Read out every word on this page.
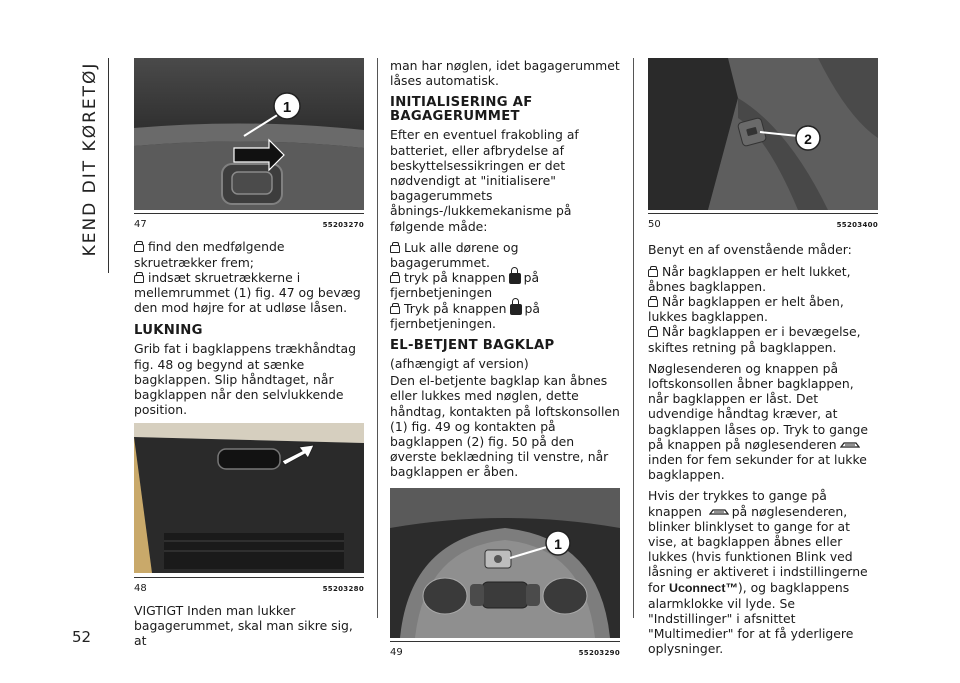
KEND DIT KØRETØJ
52
1
47	55203270
find den medfølgende skruetrækker frem;
indsæt skruetrækkerne i mellemrummet (1) fig. 47 og bevæg den mod højre for at udløse låsen.
LUKNING

Grib fat i bagklappens trækhåndtag fig. 48 og begynd at sænke bagklappen. Slip håndtaget, når bagklappen når den selvlukkende position.

48	55203280

VIGTIGT Inden man lukker bagagerummet, skal man sikre sig, at

man har nøglen, idet bagagerummet låses automatisk.

INITIALISERING AF BAGAGERUMMET

Efter en eventuel frakobling af batteriet, eller afbrydelse af beskyttelsessikringen er det nødvendigt at "initialisere" bagagerummets åbnings-/lukkemekanisme på følgende måde:

Luk alle dørene og bagagerummet.
tryk på knappen på fjernbetjeningen
Tryk på knappen på fjernbetjeningen.
EL-BETJENT BAGKLAP

(afhængigt af version)

Den el-betjente bagklap kan åbnes eller lukkes med nøglen, dette håndtag, kontakten på loftskonsollen (1) fig. 49 og kontakten på bagklappen (2) fig. 50 på den øverste beklædning til venstre, når bagklappen er åben.

1
49	55203290
2
50	55203400

Benyt en af ovenstående måder:

Når bagklappen er helt lukket, åbnes bagklappen.
Når bagklappen er helt åben, lukkes bagklappen.
Når bagklappen er i bevægelse, skiftes retning på bagklappen.

Nøglesenderen og knappen på loftskonsollen åbner bagklappen, når bagklappen er låst. Det udvendige håndtag kræver, at bagklappen låses op. Tryk to gange på knappen på nøglesendereninden for fem sekunder for at lukke bagklappen.

Hvis der trykkes to gange på knappen på nøglesenderen, blinker blinklyset to gange for at vise, at bagklappen åbnes eller lukkes (hvis funktionen Blink ved låsning er aktiveret i indstillingerne for Uconnect™), og bagklappens alarmklokke vil lyde. Se "Indstillinger" i afsnittet "Multimedier" for at få yderligere oplysninger.
